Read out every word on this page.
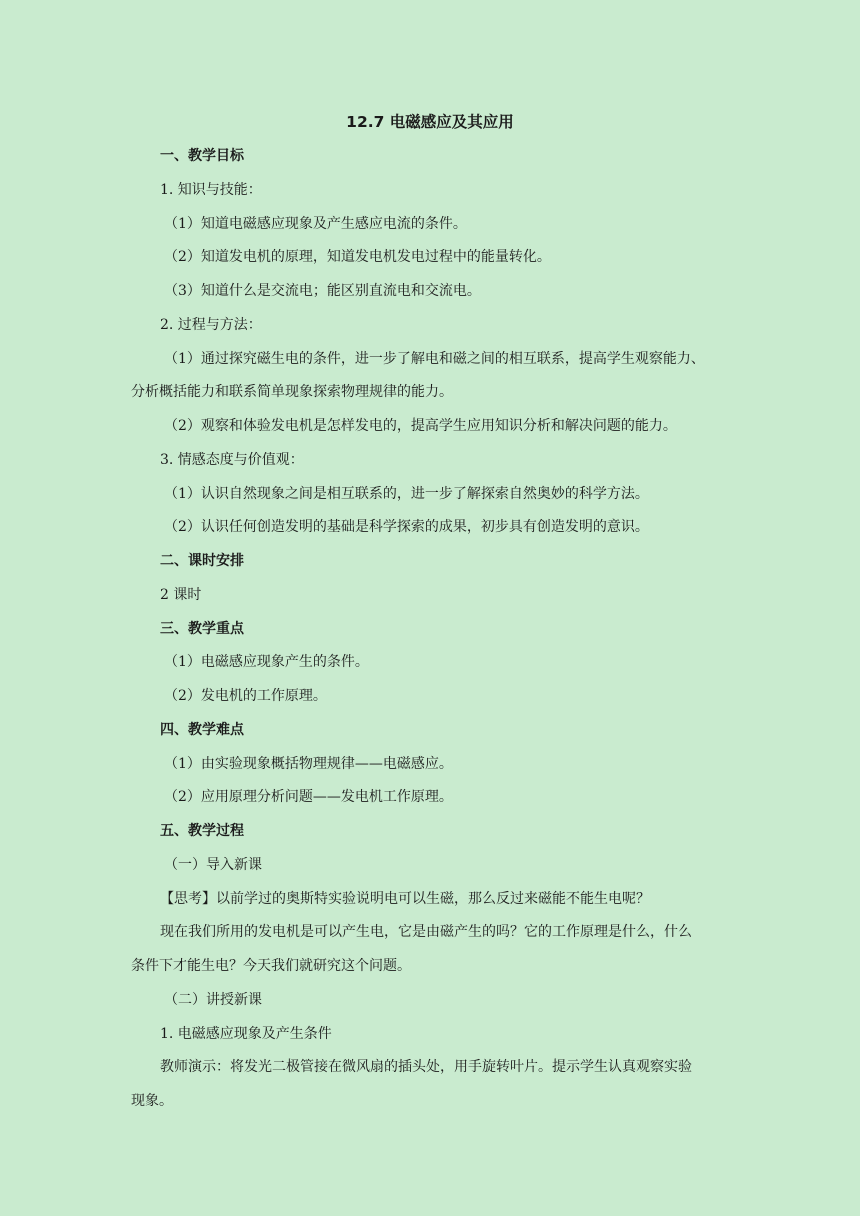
12.7 电磁感应及其应用
一、教学目标
1. 知识与技能：
（1）知道电磁感应现象及产生感应电流的条件。
（2）知道发电机的原理，知道发电机发电过程中的能量转化。
（3）知道什么是交流电；能区别直流电和交流电。
2. 过程与方法：
（1）通过探究磁生电的条件，进一步了解电和磁之间的相互联系，提高学生观察能力、
分析概括能力和联系简单现象探索物理规律的能力。
（2）观察和体验发电机是怎样发电的，提高学生应用知识分析和解决问题的能力。
3. 情感态度与价值观：
（1）认识自然现象之间是相互联系的，进一步了解探索自然奥妙的科学方法。
（2）认识任何创造发明的基础是科学探索的成果，初步具有创造发明的意识。
二、课时安排
2 课时
三、教学重点
（1）电磁感应现象产生的条件。
（2）发电机的工作原理。
四、教学难点
（1）由实验现象概括物理规律——电磁感应。
（2）应用原理分析问题——发电机工作原理。
五、教学过程
（一）导入新课
【思考】以前学过的奥斯特实验说明电可以生磁，那么反过来磁能不能生电呢？
现在我们所用的发电机是可以产生电，它是由磁产生的吗？它的工作原理是什么，什么
条件下才能生电？今天我们就研究这个问题。
（二）讲授新课
1. 电磁感应现象及产生条件
教师演示：将发光二极管接在微风扇的插头处，用手旋转叶片。提示学生认真观察实验
现象。
